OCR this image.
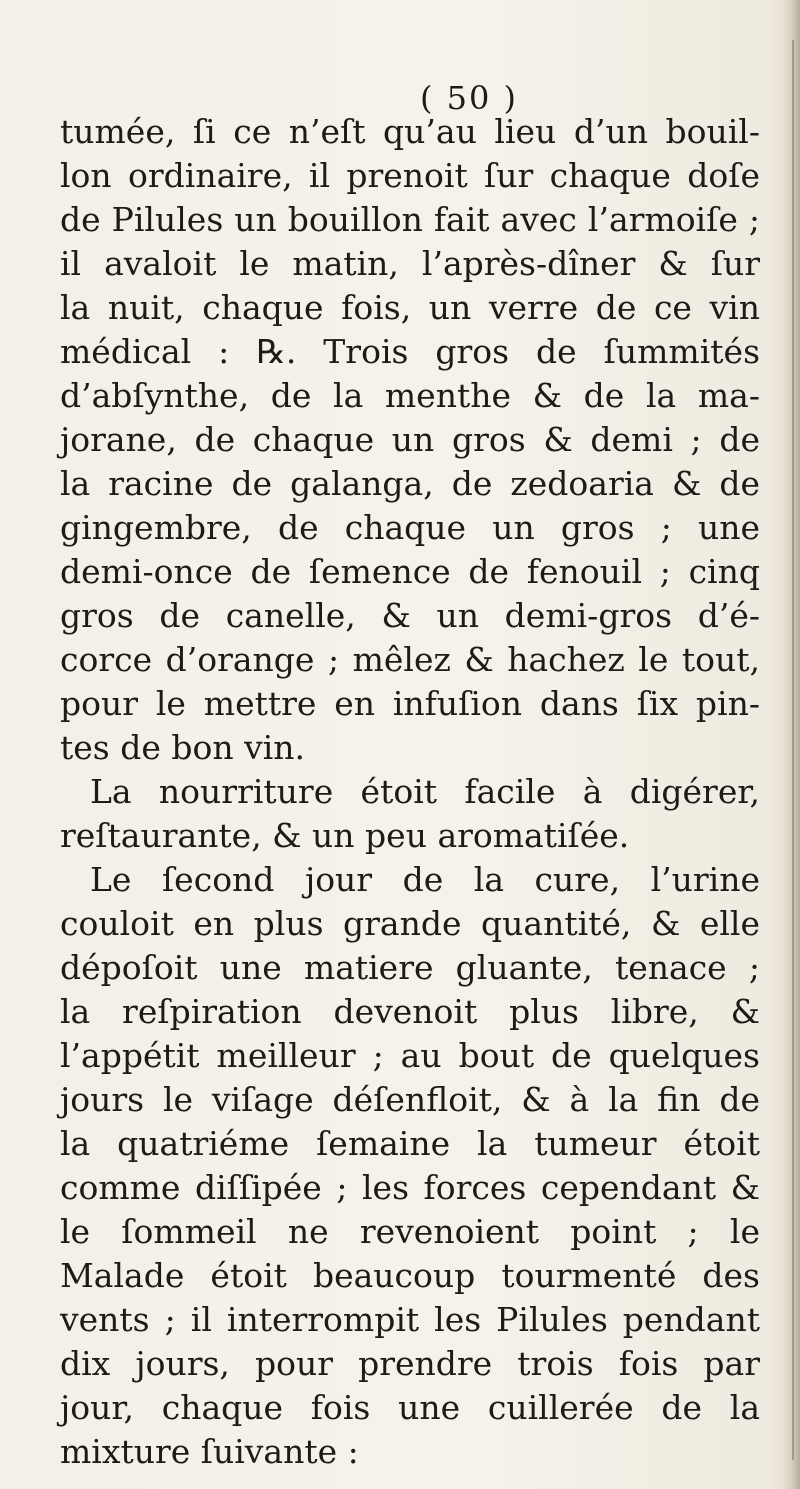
( 50 )
tumée, ſi ce n’eſt qu’au lieu d’un bouil-
lon ordinaire, il prenoit ſur chaque doſe
de Pilules un bouillon fait avec l’armoiſe ;
il avaloit le matin, l’après-dîner & ſur
la nuit, chaque fois, un verre de ce vin
médical : ℞. Trois gros de ſummités
d’abſynthe, de la menthe & de la ma-
jorane, de chaque un gros & demi ; de
la racine de galanga, de zedoaria & de
gingembre, de chaque un gros ; une
demi-once de ſemence de fenouil ; cinq
gros de canelle, & un demi-gros d’é-
corce d’orange ; mêlez & hachez le tout,
pour le mettre en infuſion dans ſix pin-
tes de bon vin.
La nourriture étoit facile à digérer,
reſtaurante, & un peu aromatiſée.
Le ſecond jour de la cure, l’urine
couloit en plus grande quantité, & elle
dépoſoit une matiere gluante, tenace ;
la reſpiration devenoit plus libre, &
l’appétit meilleur ; au bout de quelques
jours le viſage déſenfloit, & à la fin de
la quatriéme ſemaine la tumeur étoit
comme diſſipée ; les forces cependant &
le ſommeil ne revenoient point ; le
Malade étoit beaucoup tourmenté des
vents ; il interrompit les Pilules pendant
dix jours, pour prendre trois fois par
jour, chaque fois une cuillerée de la
mixture ſuivante :
